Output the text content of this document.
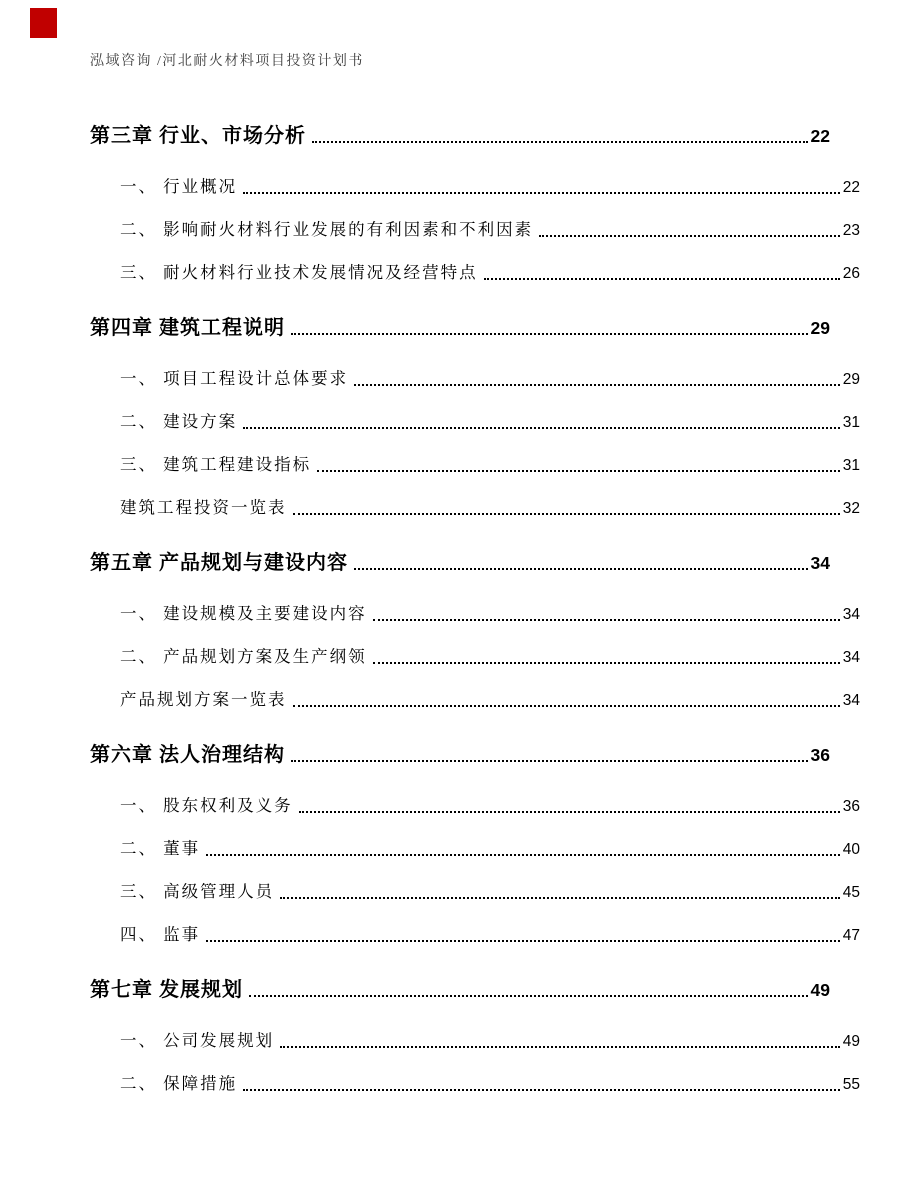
泓域咨询 /河北耐火材料项目投资计划书
第三章 行业、市场分析	22
一、 行业概况	22
二、 影响耐火材料行业发展的有利因素和不利因素	23
三、 耐火材料行业技术发展情况及经营特点	26
第四章 建筑工程说明	29
一、 项目工程设计总体要求	29
二、 建设方案	31
三、 建筑工程建设指标	31
建筑工程投资一览表	32
第五章 产品规划与建设内容	34
一、 建设规模及主要建设内容	34
二、 产品规划方案及生产纲领	34
产品规划方案一览表	34
第六章 法人治理结构	36
一、 股东权利及义务	36
二、 董事	40
三、 高级管理人员	45
四、 监事	47
第七章 发展规划	49
一、 公司发展规划	49
二、 保障措施	55
